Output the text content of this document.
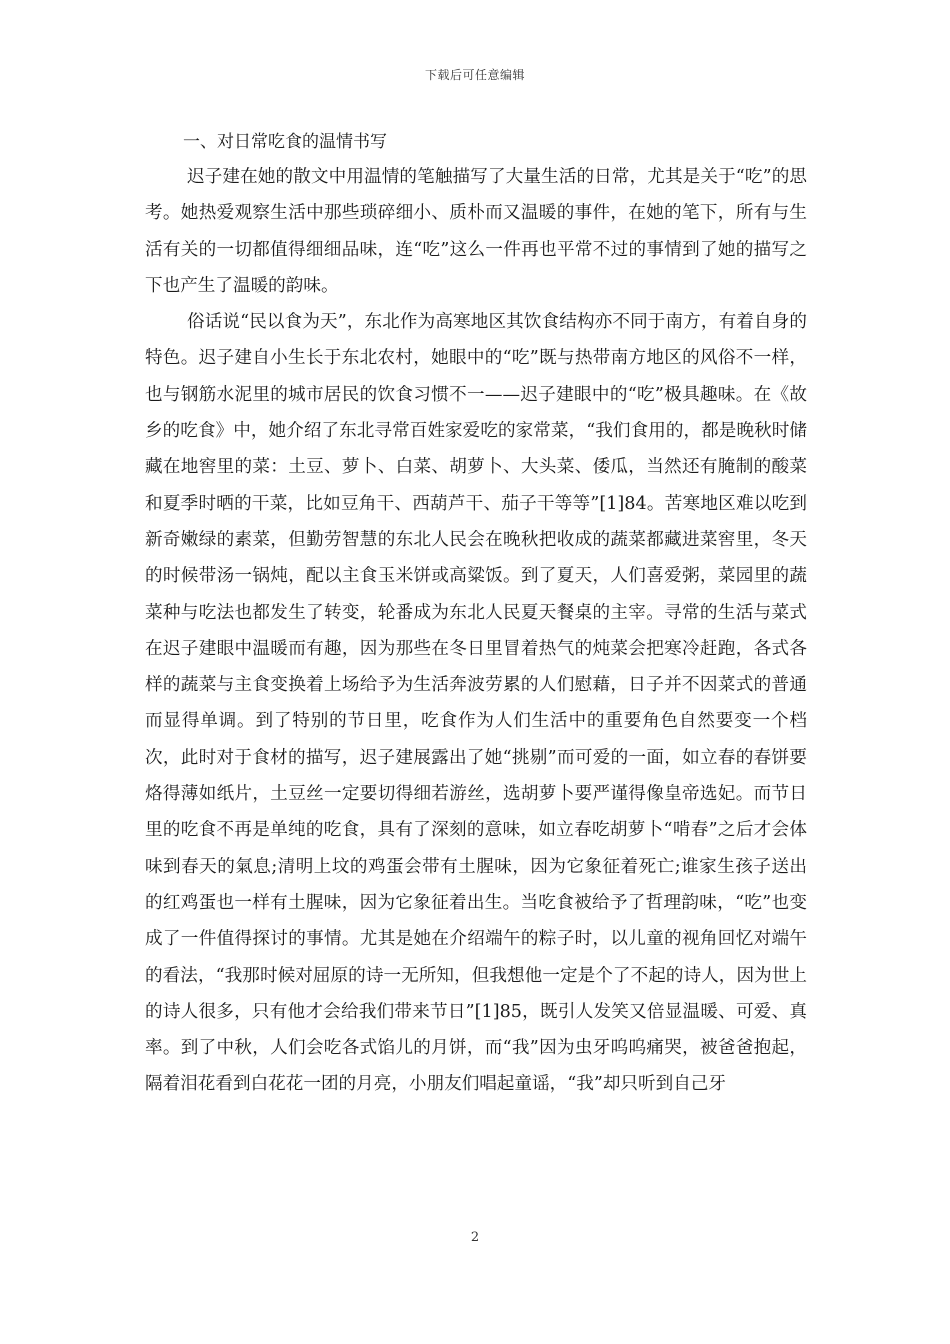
下载后可任意编辑
一、对日常吃食的温情书写

迟子建在她的散文中用温情的笔触描写了大量生活的日常，尤其是关于“吃”的思考。她热爱观察生活中那些琐碎细小、质朴而又温暖的事件，在她的笔下，所有与生活有关的一切都值得细细品味，连“吃”这么一件再也平常不过的事情到了她的描写之下也产生了温暖的韵味。

俗话说“民以食为天”，东北作为高寒地区其饮食结构亦不同于南方，有着自身的特色。迟子建自小生长于东北农村，她眼中的“吃”既与热带南方地区的风俗不一样，也与钢筋水泥里的城市居民的饮食习惯不一——迟子建眼中的“吃”极具趣味。在《故乡的吃食》中，她介绍了东北寻常百姓家爱吃的家常菜，“我们食用的，都是晚秋时储藏在地窖里的菜：土豆、萝卜、白菜、胡萝卜、大头菜、倭瓜，当然还有腌制的酸菜和夏季时晒的干菜，比如豆角干、西葫芦干、茄子干等等”[1]84。苦寒地区难以吃到新奇嫩绿的素菜，但勤劳智慧的东北人民会在晚秋把收成的蔬菜都藏进菜窖里，冬天的时候带汤一锅炖，配以主食玉米饼或高粱饭。到了夏天，人们喜爱粥，菜园里的蔬菜种与吃法也都发生了转变，轮番成为东北人民夏天餐桌的主宰。寻常的生活与菜式在迟子建眼中温暖而有趣，因为那些在冬日里冒着热气的炖菜会把寒冷赶跑，各式各样的蔬菜与主食变换着上场给予为生活奔波劳累的人们慰藉，日子并不因菜式的普通而显得单调。到了特别的节日里，吃食作为人们生活中的重要角色自然要变一个档次，此时对于食材的描写，迟子建展露出了她“挑剔”而可爱的一面，如立春的春饼要烙得薄如纸片，土豆丝一定要切得细若游丝，选胡萝卜要严谨得像皇帝选妃。而节日里的吃食不再是单纯的吃食，具有了深刻的意味，如立春吃胡萝卜“啃春”之后才会体味到春天的氣息;清明上坟的鸡蛋会带有土腥味，因为它象征着死亡;谁家生孩子送出的红鸡蛋也一样有土腥味，因为它象征着出生。当吃食被给予了哲理韵味，“吃”也变成了一件值得探讨的事情。尤其是她在介绍端午的粽子时，以儿童的视角回忆对端午的看法，“我那时候对屈原的诗一无所知，但我想他一定是个了不起的诗人，因为世上的诗人很多，只有他才会给我们带来节日”[1]85，既引人发笑又倍显温暖、可爱、真率。到了中秋，人们会吃各式馅儿的月饼，而“我”因为虫牙呜呜痛哭，被爸爸抱起，隔着泪花看到白花花一团的月亮，小朋友们唱起童谣，“我”却只听到自己牙

2
